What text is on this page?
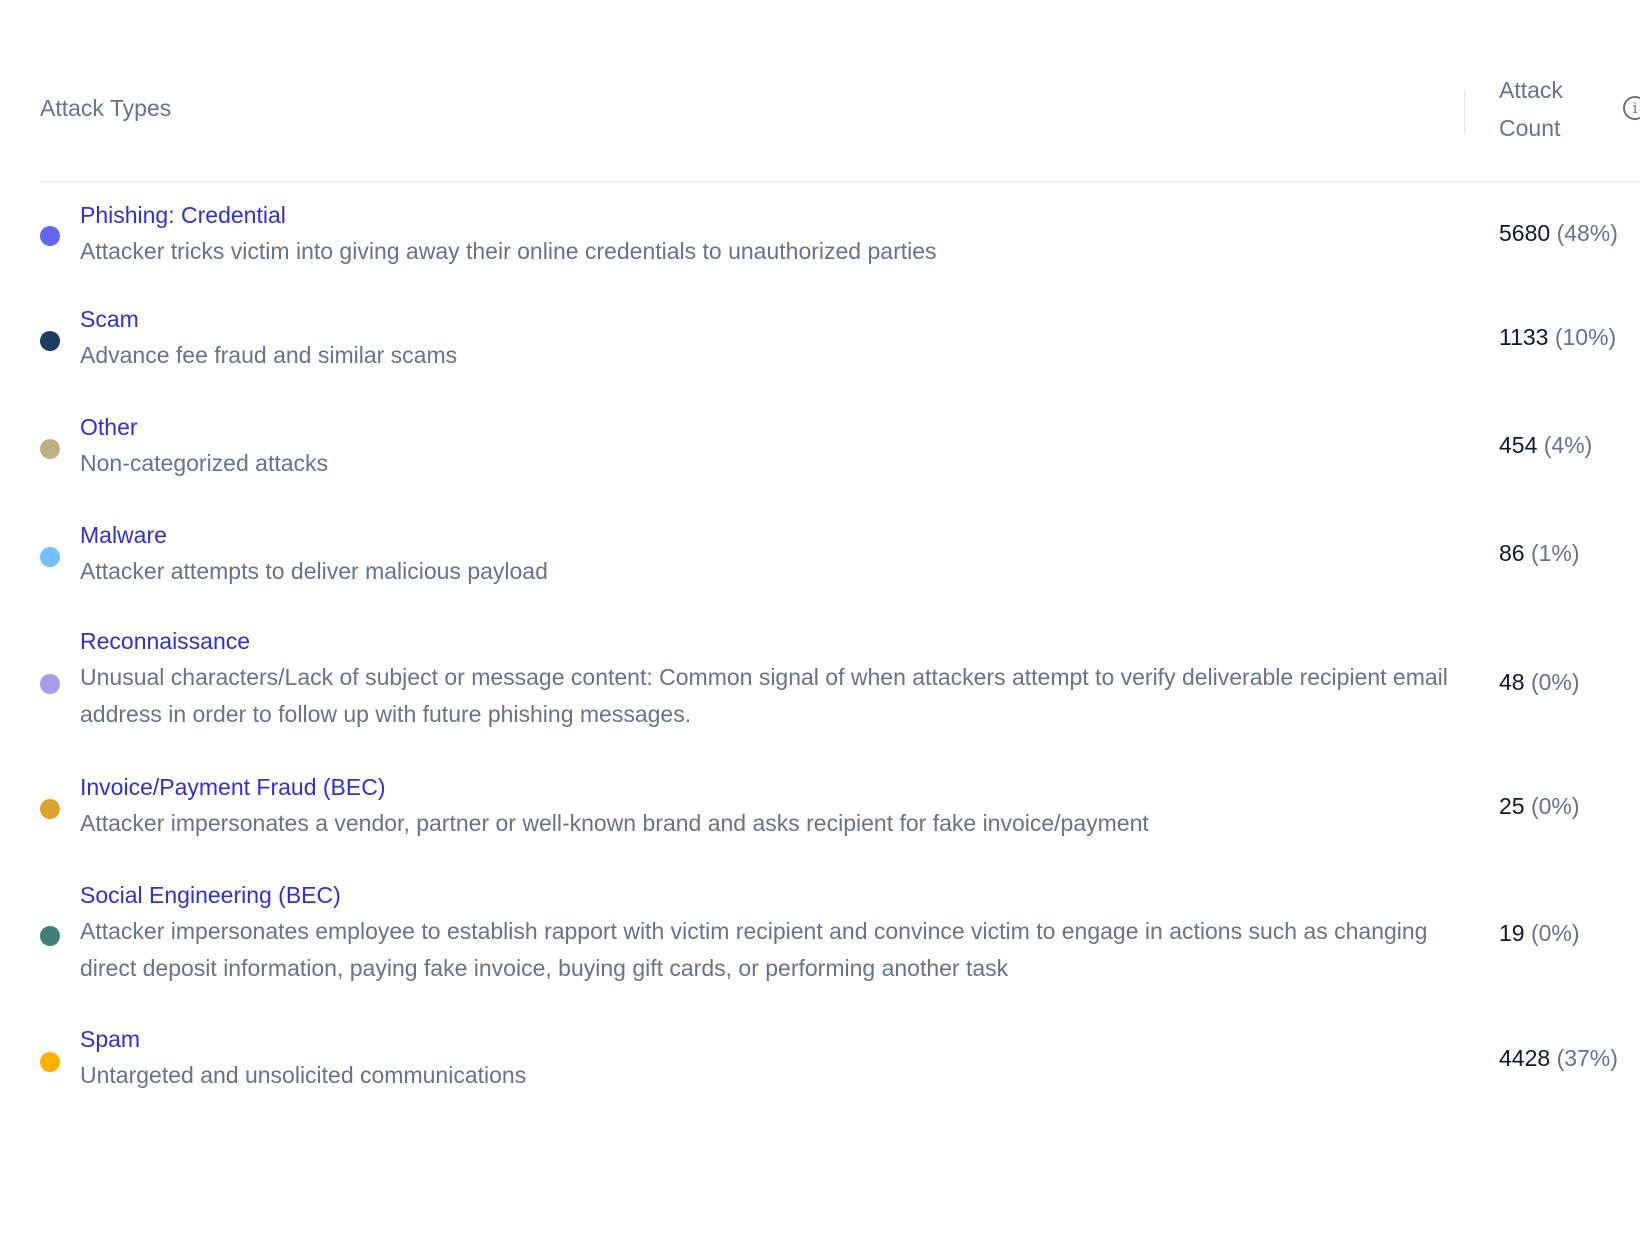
Attack Types
Attack Count
i
Phishing: Credential
Attacker tricks victim into giving away their online credentials to unauthorized parties
5680 (48%)
Scam
Advance fee fraud and similar scams
1133 (10%)
Other
Non-categorized attacks
454 (4%)
Malware
Attacker attempts to deliver malicious payload
86 (1%)
Reconnaissance
Unusual characters/Lack of subject or message content: Common signal of when attackers attempt to verify deliverable recipient email address in order to follow up with future phishing messages.
48 (0%)
Invoice/Payment Fraud (BEC)
Attacker impersonates a vendor, partner or well-known brand and asks recipient for fake invoice/payment
25 (0%)
Social Engineering (BEC)
Attacker impersonates employee to establish rapport with victim recipient and convince victim to engage in actions such as changing direct deposit information, paying fake invoice, buying gift cards, or performing another task
19 (0%)
Spam
Untargeted and unsolicited communications
4428 (37%)
